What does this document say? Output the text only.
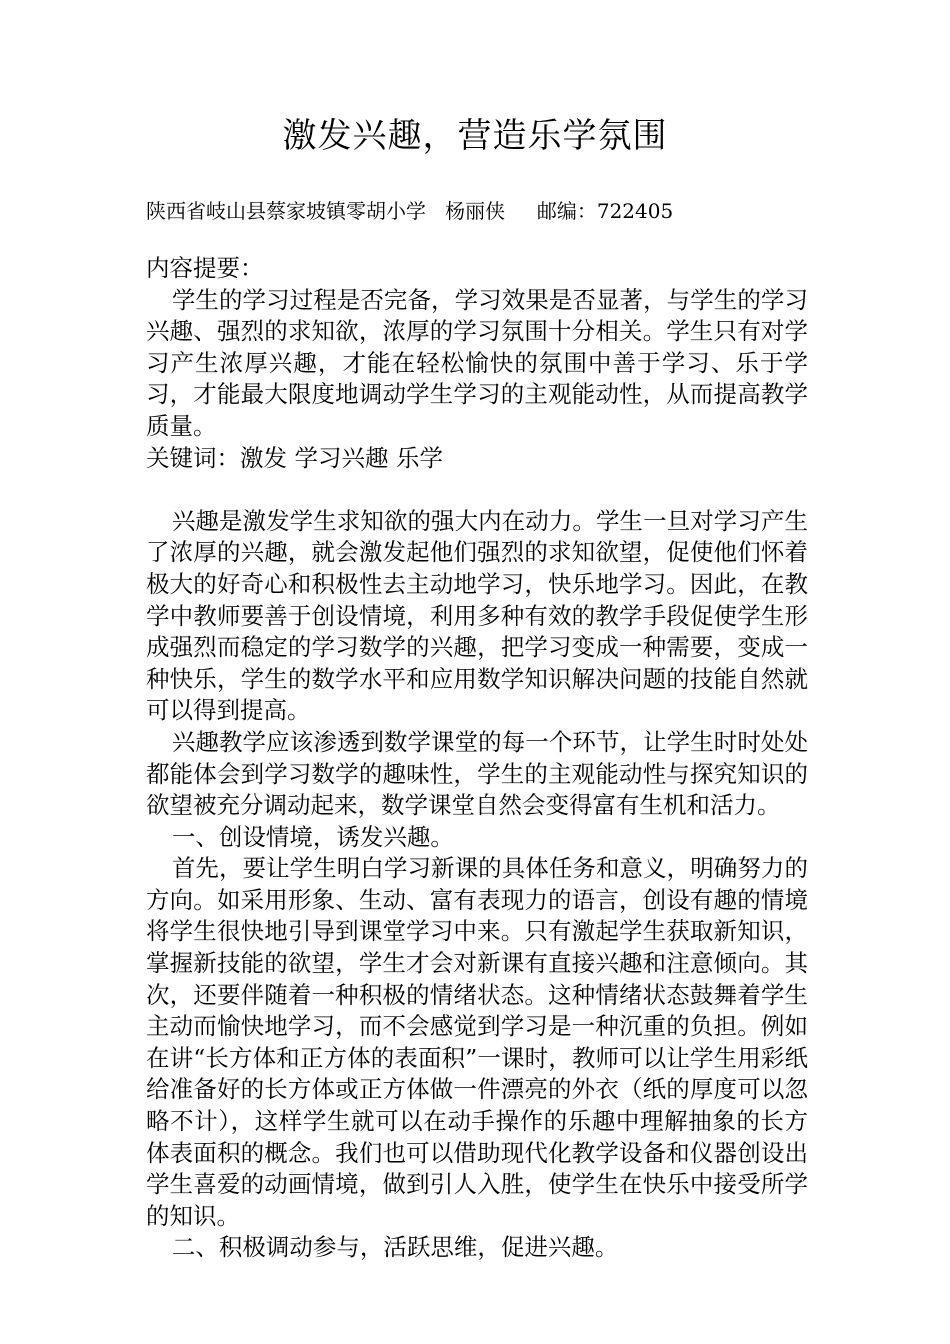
激发兴趣，营造乐学氛围
陕西省岐山县蔡家坡镇零胡小学   杨丽侠     邮编：722405

内容提要：

学生的学习过程是否完备，学习效果是否显著，与学生的学习兴趣、强烈的求知欲，浓厚的学习氛围十分相关。学生只有对学习产生浓厚兴趣，才能在轻松愉快的氛围中善于学习、乐于学习，才能最大限度地调动学生学习的主观能动性，从而提高教学质量。

关键词：激发 学习兴趣 乐学

兴趣是激发学生求知欲的强大内在动力。学生一旦对学习产生了浓厚的兴趣，就会激发起他们强烈的求知欲望，促使他们怀着极大的好奇心和积极性去主动地学习，快乐地学习。因此，在教学中教师要善于创设情境，利用多种有效的教学手段促使学生形成强烈而稳定的学习数学的兴趣，把学习变成一种需要，变成一种快乐，学生的数学水平和应用数学知识解决问题的技能自然就可以得到提高。

兴趣教学应该渗透到数学课堂的每一个环节，让学生时时处处都能体会到学习数学的趣味性，学生的主观能动性与探究知识的欲望被充分调动起来，数学课堂自然会变得富有生机和活力。

一、创设情境，诱发兴趣。

首先，要让学生明白学习新课的具体任务和意义，明确努力的方向。如采用形象、生动、富有表现力的语言，创设有趣的情境将学生很快地引导到课堂学习中来。只有激起学生获取新知识，掌握新技能的欲望，学生才会对新课有直接兴趣和注意倾向。其次，还要伴随着一种积极的情绪状态。这种情绪状态鼓舞着学生主动而愉快地学习，而不会感觉到学习是一种沉重的负担。例如在讲“长方体和正方体的表面积”一课时，教师可以让学生用彩纸给准备好的长方体或正方体做一件漂亮的外衣（纸的厚度可以忽略不计），这样学生就可以在动手操作的乐趣中理解抽象的长方体表面积的概念。我们也可以借助现代化教学设备和仪器创设出学生喜爱的动画情境，做到引人入胜，使学生在快乐中接受所学的知识。

二、积极调动参与，活跃思维，促进兴趣。
